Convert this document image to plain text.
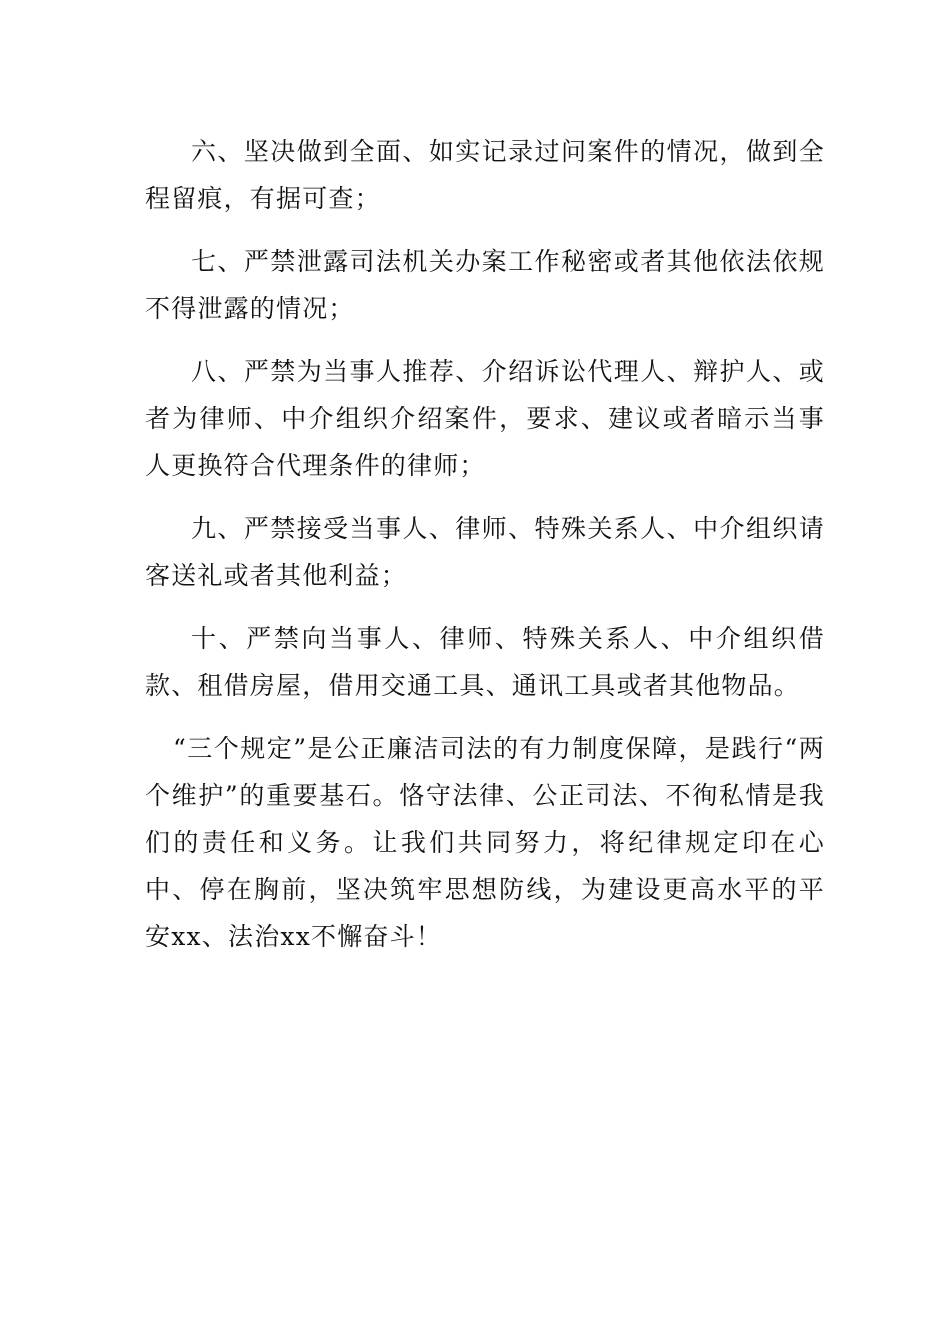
六、坚决做到全面、如实记录过问案件的情况，做到全程留痕，有据可查；

七、严禁泄露司法机关办案工作秘密或者其他依法依规不得泄露的情况；

八、严禁为当事人推荐、介绍诉讼代理人、辩护人、或者为律师、中介组织介绍案件，要求、建议或者暗示当事人更换符合代理条件的律师；

九、严禁接受当事人、律师、特殊关系人、中介组织请客送礼或者其他利益；

十、严禁向当事人、律师、特殊关系人、中介组织借款、租借房屋，借用交通工具、通讯工具或者其他物品。

“三个规定”是公正廉洁司法的有力制度保障，是践行“两个维护”的重要基石。恪守法律、公正司法、不徇私情是我们的责任和义务。让我们共同努力，将纪律规定印在心中、停在胸前，坚决筑牢思想防线，为建设更高水平的平安xx、法治xx不懈奋斗！
